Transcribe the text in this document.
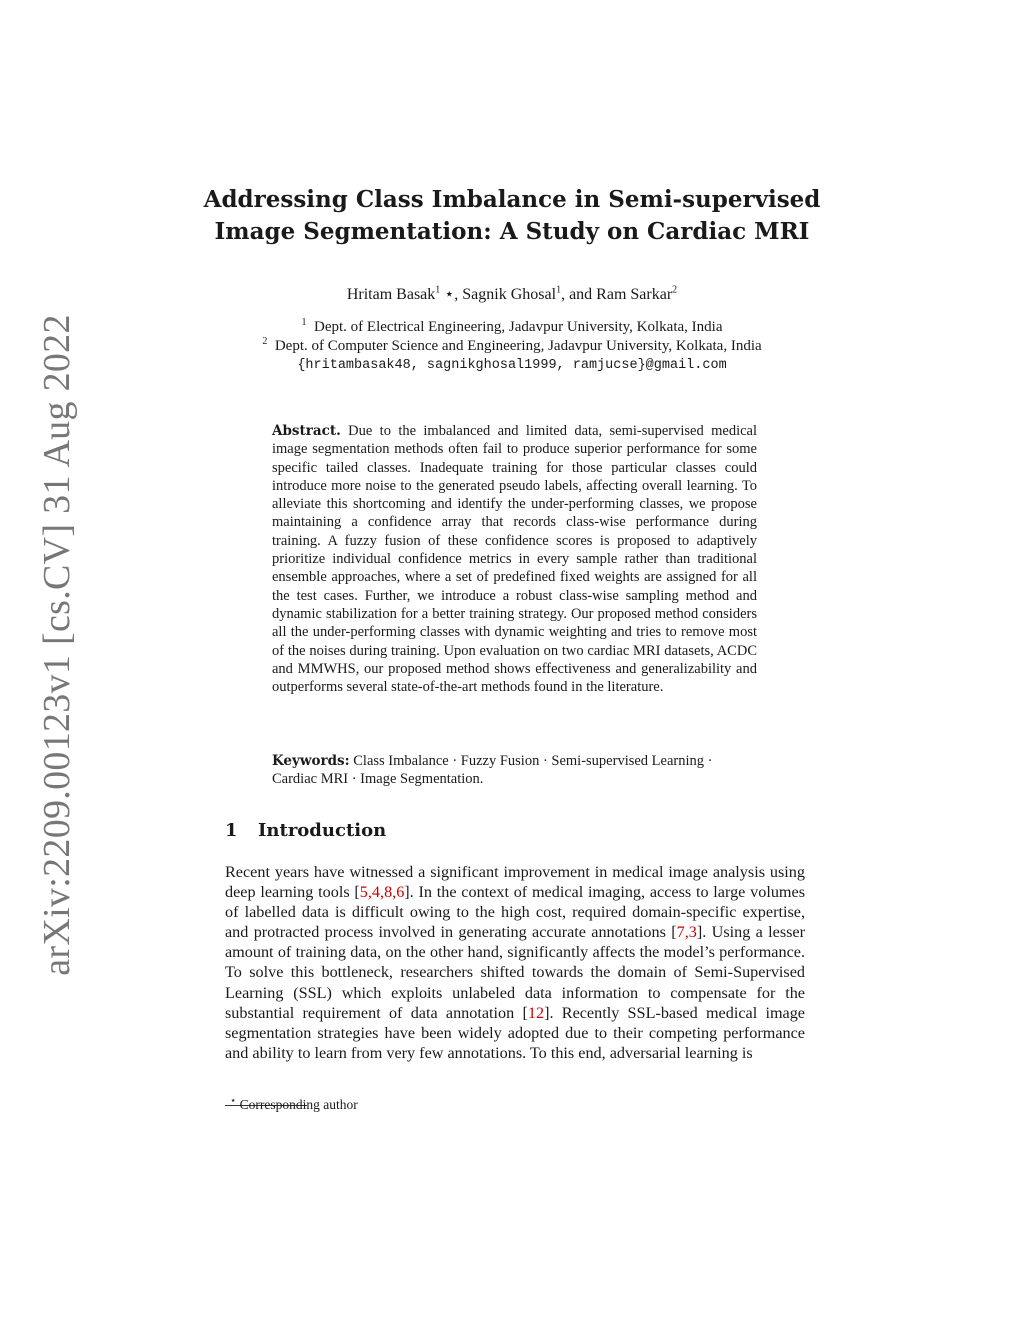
arXiv:2209.00123v1 [cs.CV] 31 Aug 2022
Addressing Class Imbalance in Semi-supervised
Image Segmentation: A Study on Cardiac MRI
Hritam Basak$^1$ ⋆, Sagnik Ghosal$^1$, and Ram Sarkar$^2$
$^1$ Dept. of Electrical Engineering, Jadavpur University, Kolkata, India
$^2$ Dept. of Computer Science and Engineering, Jadavpur University, Kolkata, India
{hritambasak48, sagnikghosal1999, ramjucse}@gmail.com
Abstract. Due to the imbalanced and limited data, semi-supervised medical image segmentation methods often fail to produce superior performance for some specific tailed classes. Inadequate training for those particular classes could introduce more noise to the generated pseudo labels, affecting overall learning. To alleviate this shortcoming and identify the under-performing classes, we propose maintaining a confidence array that records class-wise performance during training. A fuzzy fusion of these confidence scores is proposed to adaptively prioritize individual confidence metrics in every sample rather than traditional ensemble approaches, where a set of predefined fixed weights are assigned for all the test cases. Further, we introduce a robust class-wise sampling method and dynamic stabilization for a better training strategy. Our proposed method considers all the under-performing classes with dynamic weighting and tries to remove most of the noises during training. Upon evaluation on two cardiac MRI datasets, ACDC and MMWHS, our proposed method shows effectiveness and generalizability and outperforms several state-of-the-art methods found in the literature.
Keywords: Class Imbalance · Fuzzy Fusion · Semi-supervised Learning · Cardiac MRI · Image Segmentation.
1 Introduction
Recent years have witnessed a significant improvement in medical image analysis using deep learning tools [5,4,8,6]. In the context of medical imaging, access to large volumes of labelled data is difficult owing to the high cost, required domain-specific expertise, and protracted process involved in generating accurate annotations [7,3]. Using a lesser amount of training data, on the other hand, significantly affects the model’s performance. To solve this bottleneck, researchers shifted towards the domain of Semi-Supervised Learning (SSL) which exploits unlabeled data information to compensate for the substantial requirement of data annotation [12]. Recently SSL-based medical image segmentation strategies have been widely adopted due to their competing performance and ability to learn from very few annotations. To this end, adversarial learning is
⋆ Corresponding author
